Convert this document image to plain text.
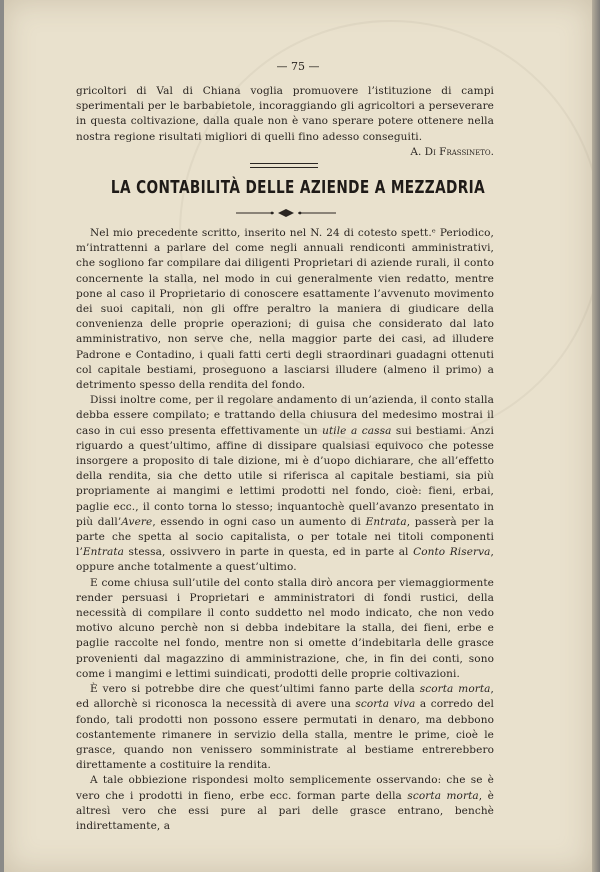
— 75 —

gricoltori di Val di Chiana voglia promuovere l’istituzione di campi sperimentali per le barbabietole, incoraggiando gli agricoltori a perseverare in questa coltivazione, dalla quale non è vano sperare potere ottenere nella nostra regione risultati migliori di quelli fino adesso conseguiti.

A. Di Frassineto.
LA CONTABILITÀ DELLE AZIENDE A MEZZADRIA

Nel mio precedente scritto, inserito nel N. 24 di cotesto spett.ᵉ Periodico, m’intrattenni a parlare del come negli annuali rendiconti amministrativi, che sogliono far compilare dai diligenti Proprietari di aziende rurali, il conto concernente la stalla, nel modo in cui generalmente vien redatto, mentre pone al caso il Proprietario di conoscere esattamente l’avvenuto movimento dei suoi capitali, non gli offre peraltro la maniera di giudicare della convenienza delle proprie operazioni; di guisa che considerato dal lato amministrativo, non serve che, nella maggior parte dei casi, ad illudere Padrone e Contadino, i quali fatti certi degli straordinari guadagni ottenuti col capitale bestiami, proseguono a lasciarsi illudere (almeno il primo) a detrimento spesso della rendita del fondo.

Dissi inoltre come, per il regolare andamento di un’azienda, il conto stalla debba essere compilato; e trattando della chiusura del medesimo mostrai il caso in cui esso presenta effettivamente un utile a cassa sui bestiami. Anzi riguardo a quest’ultimo, affine di dissipare qualsiasi equivoco che potesse insorgere a proposito di tale dizione, mi è d’uopo dichiarare, che all’effetto della rendita, sia che detto utile si riferisca al capitale bestiami, sia più propriamente ai mangimi e lettimi prodotti nel fondo, cioè: fieni, erbai, paglie ecc., il conto torna lo stesso; inquantochè quell’avanzo presentato in più dall’Avere, essendo in ogni caso un aumento di Entrata, passerà per la parte che spetta al socio capitalista, o per totale nei titoli componenti l’Entrata stessa, ossivvero in parte in questa, ed in parte al Conto Riserva, oppure anche totalmente a quest’ultimo.

E come chiusa sull’utile del conto stalla dirò ancora per viemaggiormente render persuasi i Proprietari e amministratori di fondi rustici, della necessità di compilare il conto suddetto nel modo indicato, che non vedo motivo alcuno perchè non si debba indebitare la stalla, dei fieni, erbe e paglie raccolte nel fondo, mentre non si omette d’indebitarla delle grasce provenienti dal magazzino di amministrazione, che, in fin dei conti, sono come i mangimi e lettimi suindicati, prodotti delle proprie coltivazioni.

È vero si potrebbe dire che quest’ultimi fanno parte della scorta morta, ed allorchè si riconosca la necessità di avere una scorta viva a corredo del fondo, tali prodotti non possono essere permutati in denaro, ma debbono costantemente rimanere in servizio della stalla, mentre le prime, cioè le grasce, quando non venissero somministrate al bestiame entrerebbero direttamente a costituire la rendita.

A tale obbiezione rispondesi molto semplicemente osservando: che se è vero che i prodotti in fieno, erbe ecc. forman parte della scorta morta, è altresì vero che essi pure al pari delle grasce entrano, benchè indirettamente, a
